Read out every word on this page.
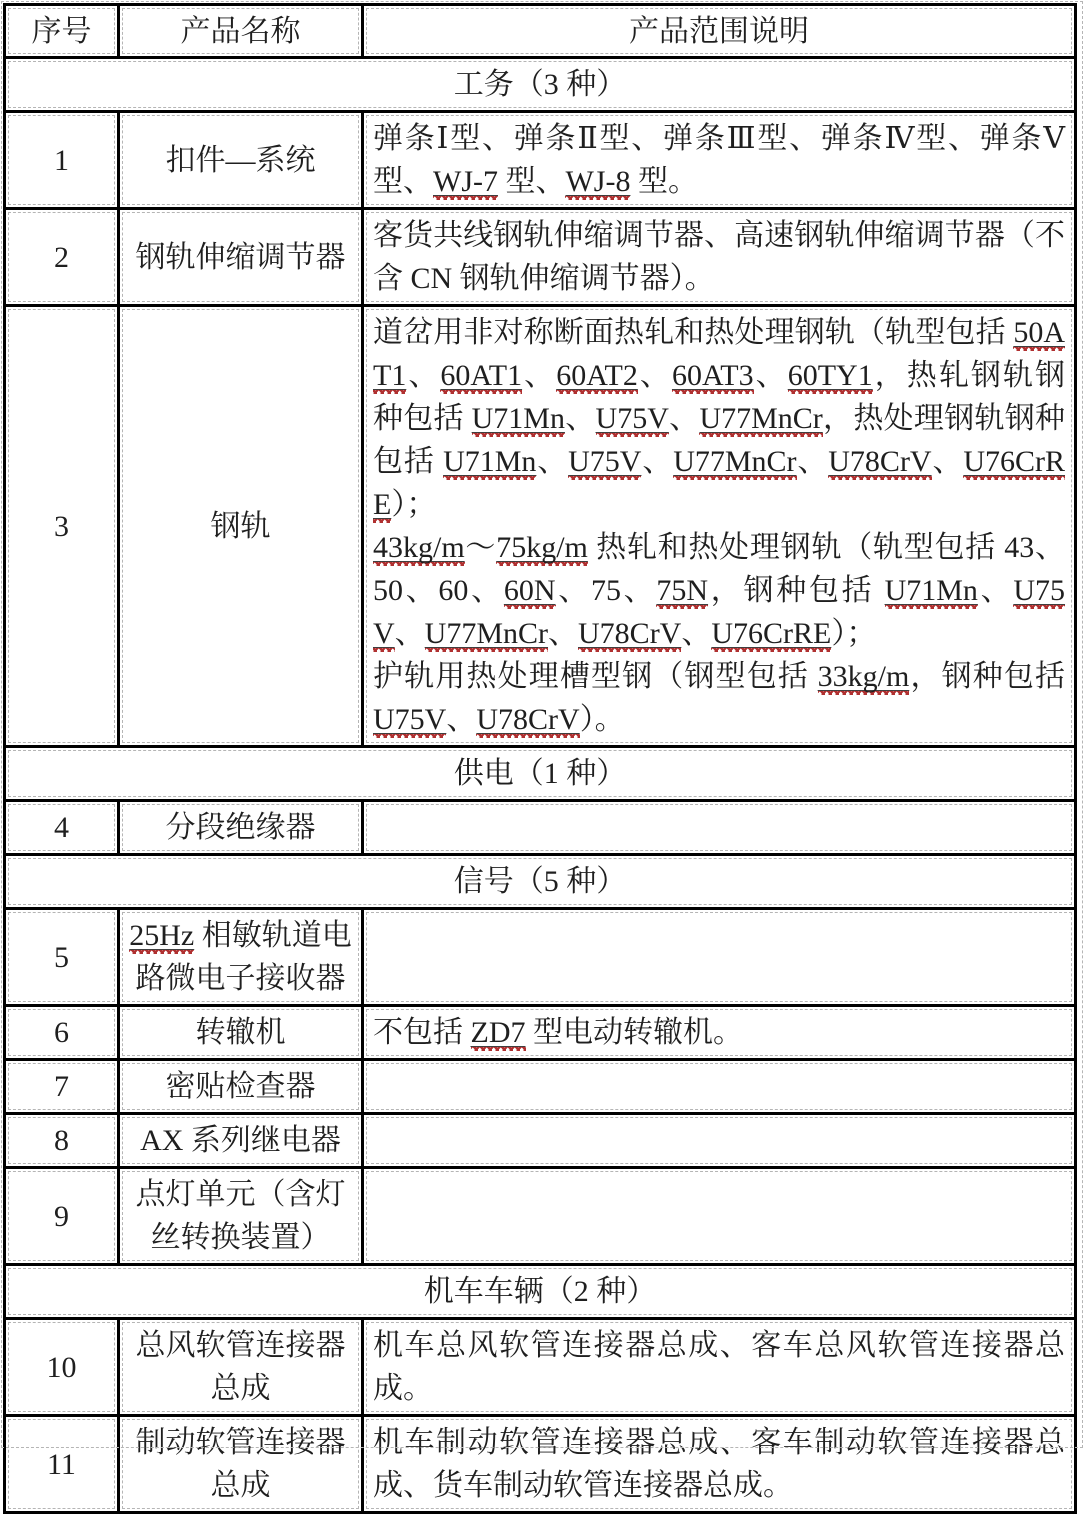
序号	产品名称	产品范围说明
工务（3 种）		
1	扣件—系统	弹条Ⅰ型、弹条Ⅱ型、弹条Ⅲ型、弹条Ⅳ型、弹条Ⅴ型、WJ-7 型、WJ-8 型。

2	钢轨伸缩调节器	客货共线钢轨伸缩调节器、高速钢轨伸缩调节器（不含 CN 钢轨伸缩调节器）。

3	钢轨	道岔用非对称断面热轧和热处理钢轨（轨型包括 50AT1、60AT1、60AT2、60AT3、60TY1，热轧钢轨钢种包括 U71Mn、U75V、U77MnCr，热处理钢轨钢种包括 U71Mn、U75V、U77MnCr、U78CrV、U76CrRE）；
43kg/m～75kg/m 热轧和热处理钢轨（轨型包括 43、50、60、60N、75、75N，钢种包括 U71Mn、U75V、U77MnCr、U78CrV、U76CrRE）；
护轨用热处理槽型钢（钢型包括 33kg/m，钢种包括 U75V、U78CrV）。

供电（1 种）		
4	分段绝缘器	
信号（5 种）		
5	25Hz 相敏轨道电路微电子接收器	
6	转辙机	不包括 ZD7 型电动转辙机。

7	密贴检查器	
8	AX 系列继电器	
9	点灯单元（含灯丝转换装置）	
机车车辆（2 种）		
10	总风软管连接器总成	机车总风软管连接器总成、客车总风软管连接器总成。

11	制动软管连接器总成	机车制动软管连接器总成、客车制动软管连接器总成、货车制动软管连接器总成。
